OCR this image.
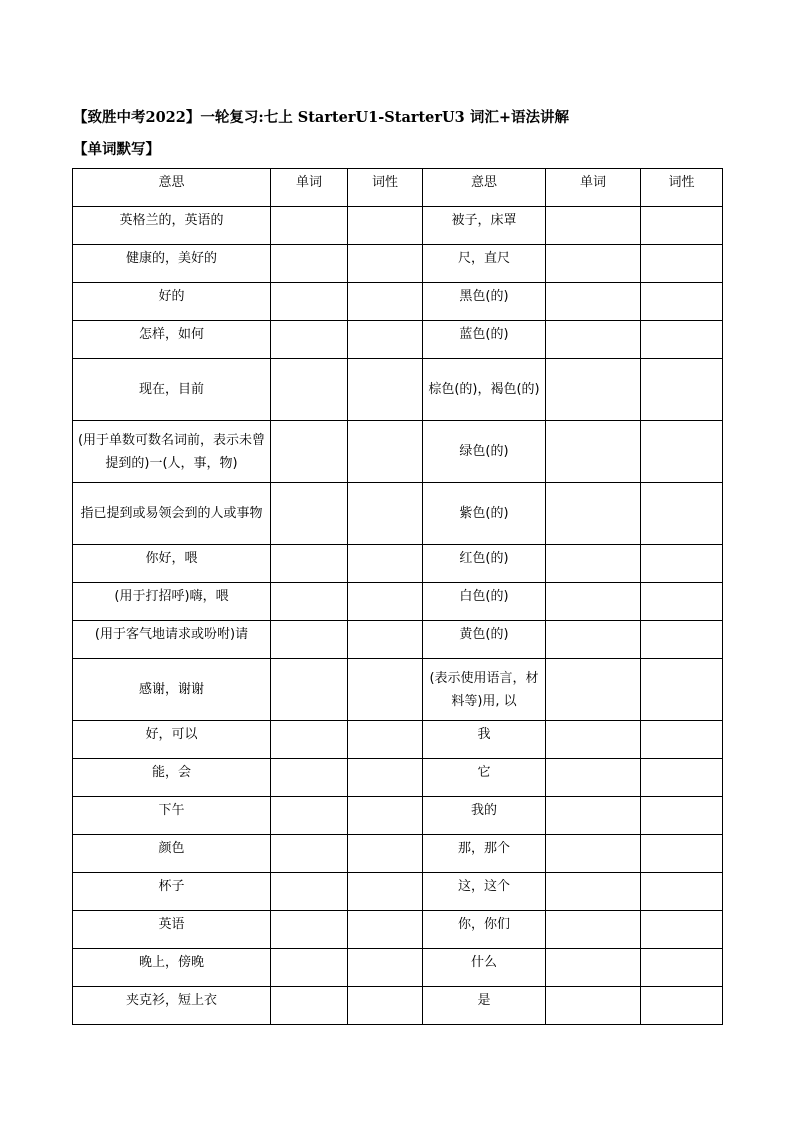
【致胜中考2022】一轮复习:七上 StarterU1-StarterU3 词汇+语法讲解
【单词默写】
意思	单词	词性	意思	单词	词性
英格兰的，英语的			被子，床罩		
健康的，美好的			尺，直尺		
好的			黑色(的)		
怎样，如何			蓝色(的)		
现在，目前			棕色(的)，褐色(的)		
(用于单数可数名词前，表示未曾提到的)一(人，事，物)			绿色(的)		
指已提到或易领会到的人或事物			紫色(的)		
你好，喂			红色(的)		
(用于打招呼)嗨，喂			白色(的)		
(用于客气地请求或吩咐)请			黄色(的)		
感谢，谢谢			(表示使用语言，材料等)用, 以		
好，可以			我		
能，会			它		
下午			我的		
颜色			那，那个		
杯子			这，这个		
英语			你，你们		
晚上，傍晚			什么		
夹克衫，短上衣			是		
